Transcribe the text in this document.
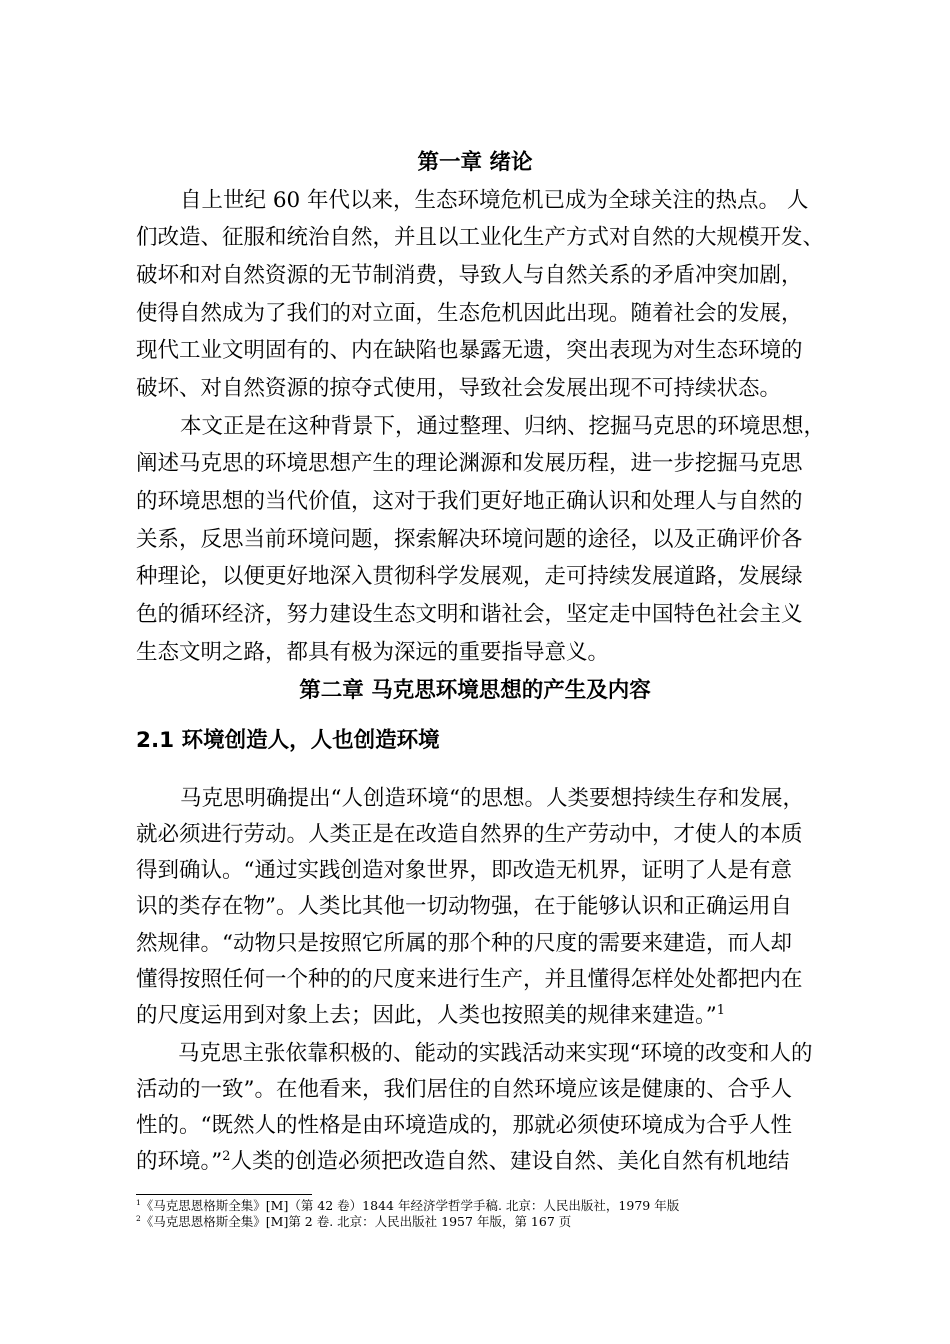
第一章 绪论
自上世纪 60 年代以来，生态环境危机已成为全球关注的热点。 人
们改造、征服和统治自然，并且以工业化生产方式对自然的大规模开发、
破坏和对自然资源的无节制消费，导致人与自然关系的矛盾冲突加剧，
使得自然成为了我们的对立面，生态危机因此出现。随着社会的发展，
现代工业文明固有的、内在缺陷也暴露无遗，突出表现为对生态环境的
破坏、对自然资源的掠夺式使用，导致社会发展出现不可持续状态。
本文正是在这种背景下，通过整理、归纳、挖掘马克思的环境思想，
阐述马克思的环境思想产生的理论渊源和发展历程，进一步挖掘马克思
的环境思想的当代价值，这对于我们更好地正确认识和处理人与自然的
关系，反思当前环境问题，探索解决环境问题的途径，以及正确评价各
种理论，以便更好地深入贯彻科学发展观，走可持续发展道路，发展绿
色的循环经济，努力建设生态文明和谐社会，坚定走中国特色社会主义
生态文明之路，都具有极为深远的重要指导意义。
第二章 马克思环境思想的产生及内容
2.1 环境创造人，人也创造环境
马克思明确提出“人创造环境“的思想。人类要想持续生存和发展，
就必须进行劳动。人类正是在改造自然界的生产劳动中，才使人的本质
得到确认。“通过实践创造对象世界，即改造无机界，证明了人是有意
识的类存在物”。人类比其他一切动物强，在于能够认识和正确运用自
然规律。“动物只是按照它所属的那个种的尺度的需要来建造，而人却
懂得按照任何一个种的的尺度来进行生产，并且懂得怎样处处都把内在
的尺度运用到对象上去；因此，人类也按照美的规律来建造。”$^1$
马克思主张依靠积极的、能动的实践活动来实现“环境的改变和人的
活动的一致”。在他看来，我们居住的自然环境应该是健康的、合乎人
性的。“既然人的性格是由环境造成的，那就必须使环境成为合乎人性
的环境。”$^2$人类的创造必须把改造自然、建设自然、美化自然有机地结
$^1$《马克思恩格斯全集》[M]（第 42 卷）1844 年经济学哲学手稿. 北京：人民出版社，1979 年版
$^2$《马克思恩格斯全集》[M]第 2 卷. 北京：人民出版社 1957 年版，第 167 页
